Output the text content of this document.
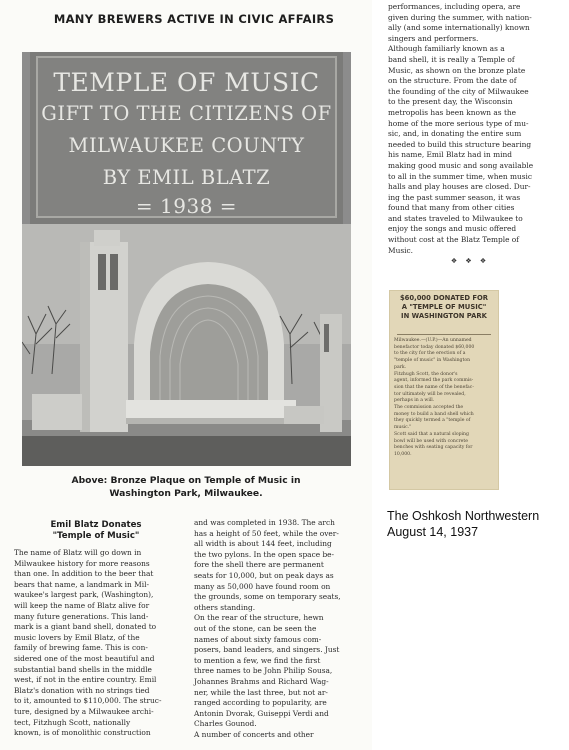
MANY BREWERS ACTIVE IN CIVIC AFFAIRS
TEMPLE OF MUSIC
GIFT TO THE CITIZENS OF
MILWAUKEE COUNTY
BY EMIL BLATZ
= 1938 =
Above: Bronze Plaque on Temple of Music in
Washington Park, Milwaukee.
Emil Blatz Donates
"Temple of Music"
The name of Blatz will go down in
Milwaukee history for more reasons
than one. In addition to the beer that
bears that name, a landmark in Mil-
waukee's largest park, (Washington),
will keep the name of Blatz alive for
many future generations. This land-
mark is a giant band shell, donated to
music lovers by Emil Blatz, of the
family of brewing fame. This is con-
sidered one of the most beautiful and
substantial band shells in the middle
west, if not in the entire country. Emil
Blatz's donation with no strings tied
to it, amounted to $110,000. The struc-
ture, designed by a Milwaukee archi-
tect, Fitzhugh Scott, nationally
known, is of monolithic construction
and was completed in 1938. The arch
has a height of 50 feet, while the over-
all width is about 144 feet, including
the two pylons. In the open space be-
fore the shell there are permanent
seats for 10,000, but on peak days as
many as 50,000 have found room on
the grounds, some on temporary seats,
others standing.
On the rear of the structure, hewn
out of the stone, can be seen the
names of about sixty famous com-
posers, band leaders, and singers. Just
to mention a few, we find the first
three names to be John Philip Sousa,
Johannes Brahms and Richard Wag-
ner, while the last three, but not ar-
ranged according to popularity, are
Antonin Dvorak, Guiseppi Verdi and
Charles Gounod.
A number of concerts and other
performances, including opera, are
given during the summer, with nation-
ally (and some internationally) known
singers and performers.
Although familiarly known as a
band shell, it is really a Temple of
Music, as shown on the bronze plate
on the structure. From the date of
the founding of the city of Milwaukee
to the present day, the Wisconsin
metropolis has been known as the
home of the more serious type of mu-
sic, and, in donating the entire sum
needed to build this structure bearing
his name, Emil Blatz had in mind
making good music and song available
to all in the summer time, when music
halls and play houses are closed. Dur-
ing the past summer season, it was
found that many from other cities
and states traveled to Milwaukee to
enjoy the songs and music offered
without cost at the Blatz Temple of
Music.
❖ ❖ ❖
$60,000 DONATED FOR
A "TEMPLE OF MUSIC"
IN WASHINGTON PARK
Milwaukee.—(U.P.)—An unnamed
benefactor today donated $60,000
to the city for the erection of a
"temple of music" in Washington
park.
Fitzhugh Scott, the donor's
agent, informed the park commis-
sion that the name of the benefac-
tor ultimately will be revealed,
perhaps in a will.
The commission accepted the
money to build a band shell which
they quickly termed a "temple of
music."
Scott said that a natural sloping
bowl will be used with concrete
benches with seating capacity for
10,000.
The Oshkosh Northwestern
August 14, 1937
